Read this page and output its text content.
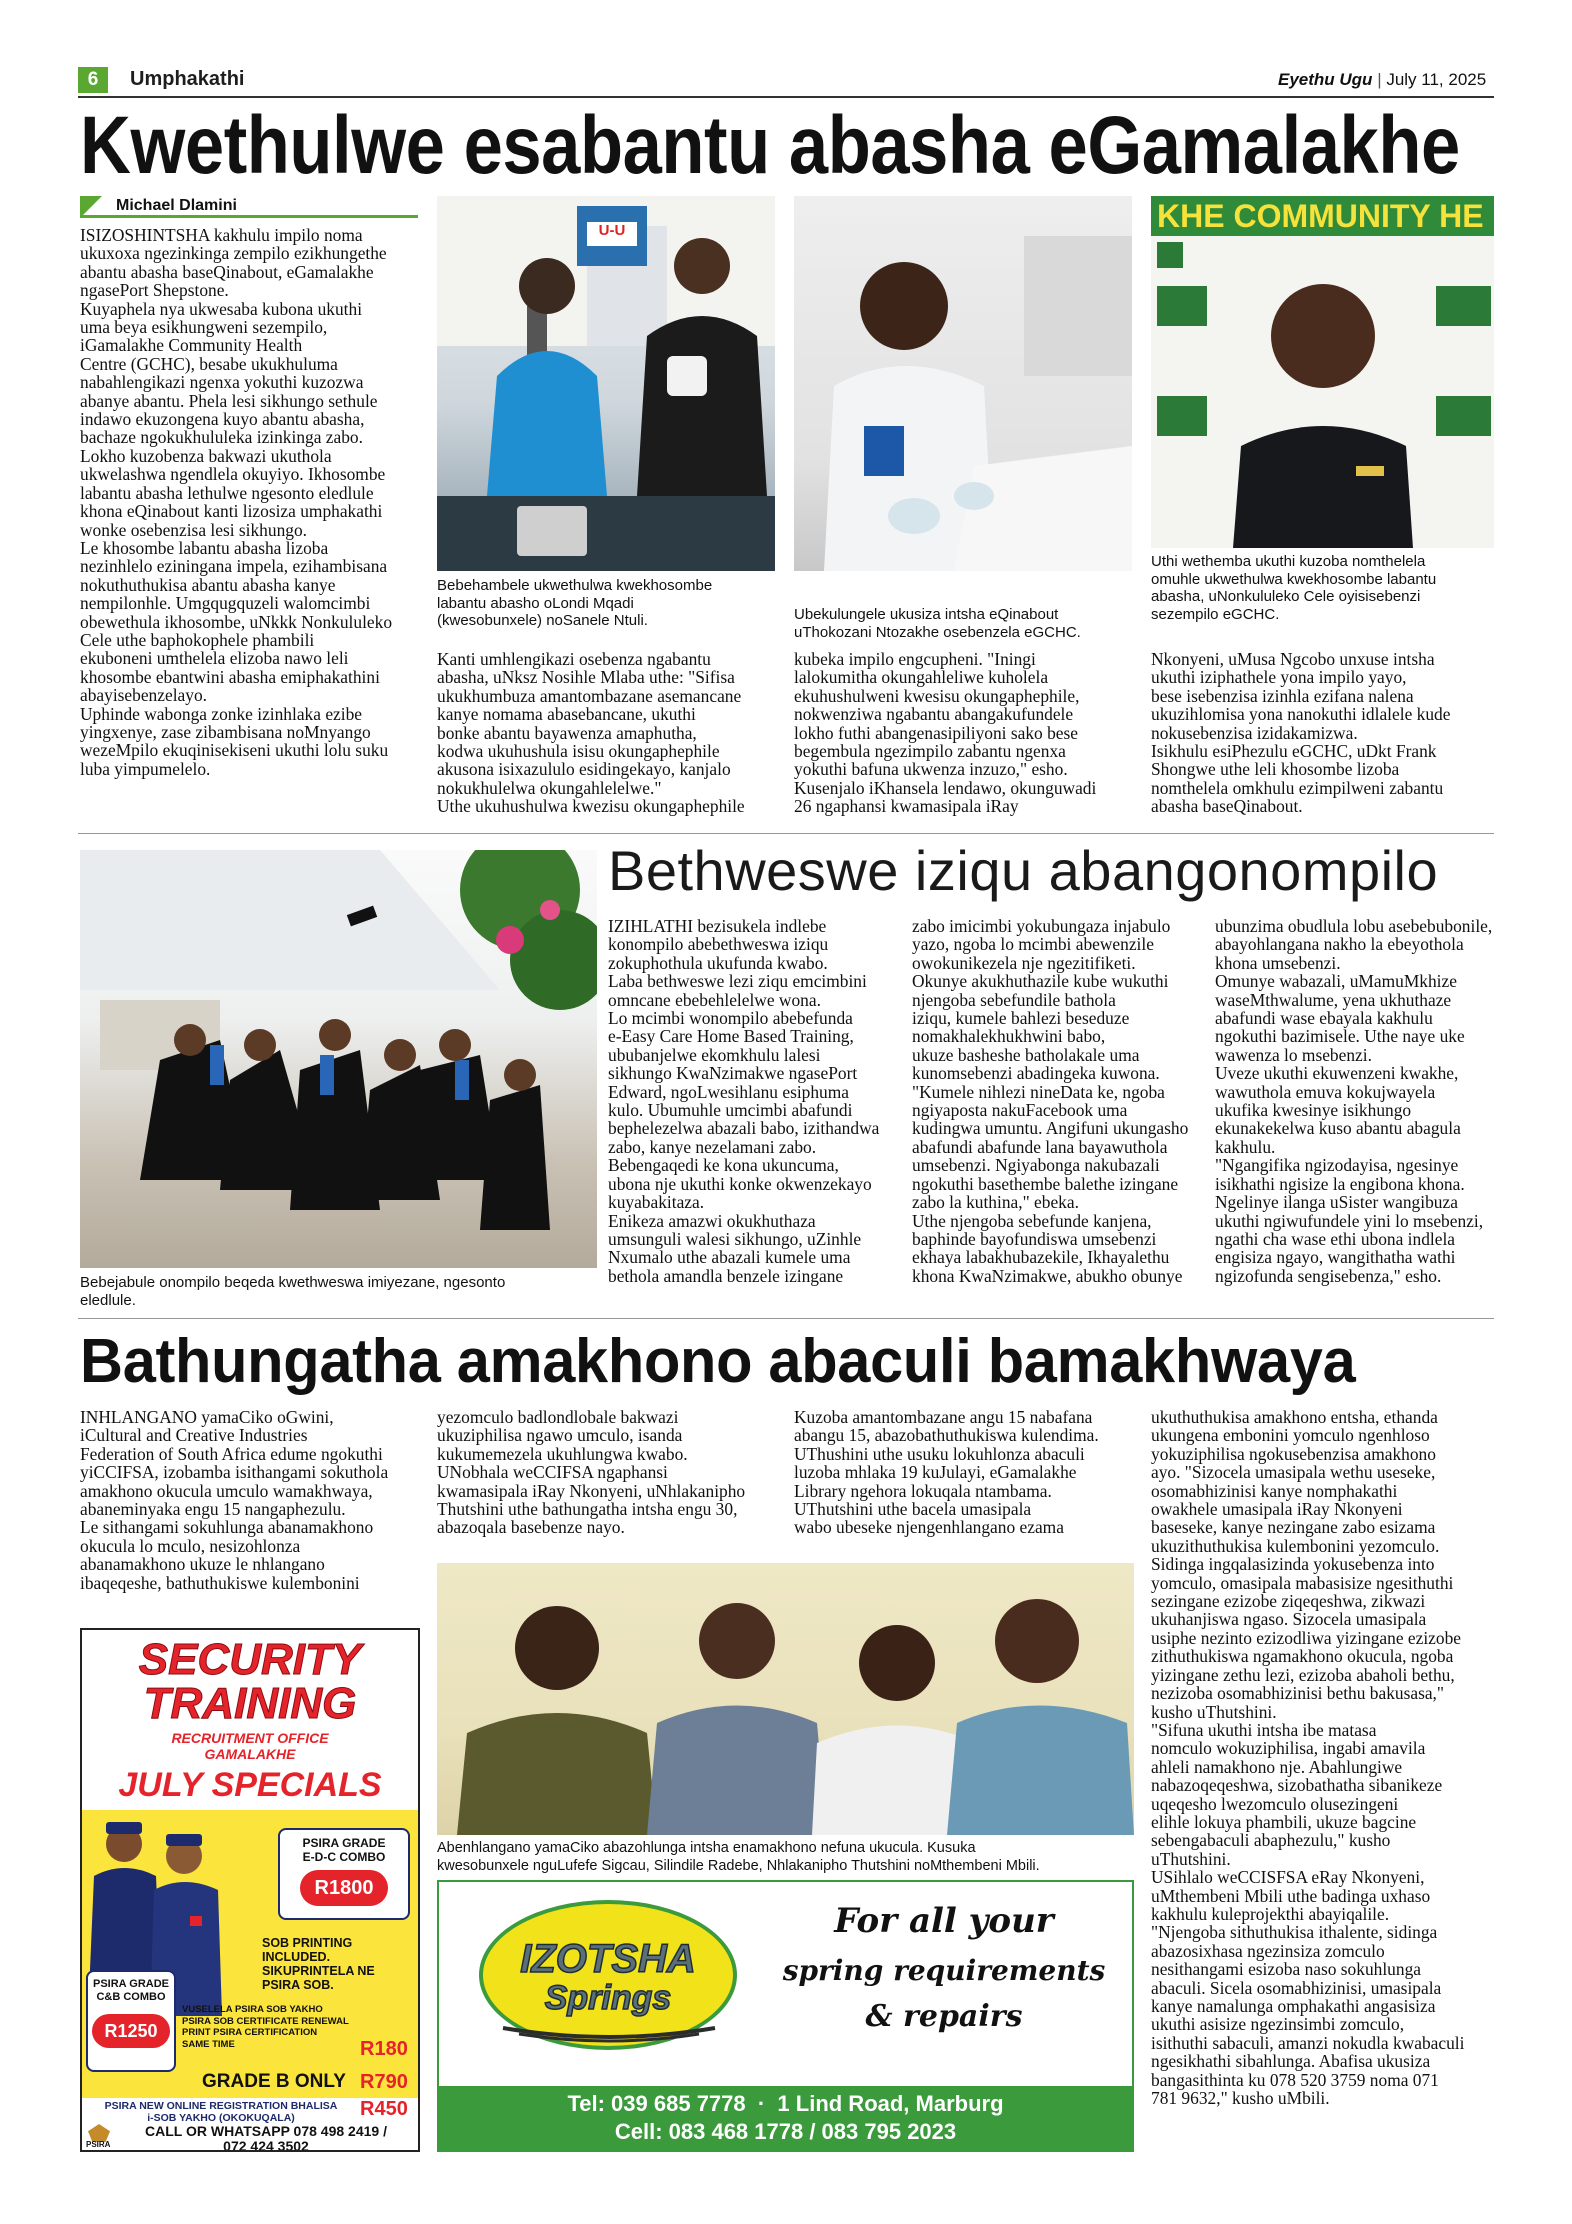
6	Umphakathi	Eyethu Ugu | July 11, 2025
Kwethulwe esabantu abasha eGamalakhe
Michael Dlamini
ISIZOSHINTSHA kakhulu impilo noma
ukuxoxa ngezinkinga zempilo ezikhungethe
abantu abasha baseQinabout, eGamalakhe
ngasePort Shepstone.
Kuyaphela nya ukwesaba kubona ukuthi
uma beya esikhungweni sezempilo,
iGamalakhe Community Health
Centre (GCHC), besabe ukukhuluma
nabahlengikazi ngenxa yokuthi kuzozwa
abanye abantu. Phela lesi sikhungo sethule
indawo ekuzongena kuyo abantu abasha,
bachaze ngokukhululeka izinkinga zabo.
Lokho kuzobenza bakwazi ukuthola
ukwelashwa ngendlela okuyiyo. Ikhosombe
labantu abasha lethulwe ngesonto eledlule
khona eQinabout kanti lizosiza umphakathi
wonke osebenzisa lesi sikhungo.
Le khosombe labantu abasha lizoba
nezinhlelo eziningana impela, ezihambisana
nokuthuthukisa abantu abasha kanye
nempilonhle. Umgqugquzeli walomcimbi
obewethula ikhosombe, uNkkk Nonkululeko
Cele uthe baphokophele phambili
ekuboneni umthelela elizoba nawo leli
khosombe ebantwini abasha emiphakathini
abayisebenzelayo.
Uphinde wabonga zonke izinhlaka ezibe
yingxenye, zase zibambisana noMnyango
wezeMpilo ekuqinisekiseni ukuthi lolu suku
luba yimpumelelo.
U-U
Bebehambele ukwethulwa kwekhosombe
labantu abasho oLondi Mqadi
(kwesobunxele) noSanele Ntuli.	Ubekulungele ukusiza intsha eQinabout
uThokozani Ntozakhe osebenzela eGCHC.
KHE COMMUNITY HE
Uthi wethemba ukuthi kuzoba nomthelela
omuhle ukwethulwa kwekhosombe labantu
abasha, uNonkululeko Cele oyisisebenzi
sezempilo eGCHC.
Kanti umhlengikazi osebenza ngabantu
abasha, uNksz Nosihle Mlaba uthe: "Sifisa
ukukhumbuza amantombazane asemancane
kanye nomama abasebancane, ukuthi
bonke abantu bayawenza amaphutha,
kodwa ukuhushula isisu okungaphephile
akusona isixazululo esidingekayo, kanjalo
nokukhulelwa okungahlelelwe."
Uthe ukuhushulwa kwezisu okungaphephile
kubeka impilo engcupheni. "Iningi
lalokumitha okungahleliwe kuholela
ekuhushulweni kwesisu okungaphephile,
nokwenziwa ngabantu abangakufundele
lokho futhi abangenasipiliyoni sako bese
begembula ngezimpilo zabantu ngenxa
yokuthi bafuna ukwenza inzuzo," esho.
Kusenjalo iKhansela lendawo, okunguwadi
26 ngaphansi kwamasipala iRay
Nkonyeni, uMusa Ngcobo unxuse intsha
ukuthi iziphathele yona impilo yayo,
bese isebenzisa izinhla ezifana nalena
ukuzihlomisa yona nanokuthi idlalele kude
nokusebenzisa izidakamizwa.
Isikhulu esiPhezulu eGCHC, uDkt Frank
Shongwe uthe leli khosombe lizoba
nomthelela omkhulu ezimpilweni zabantu
abasha baseQinabout.
Bebejabule onompilo beqeda kwethweswa imiyezane, ngesonto
eledlule.
Bethweswe iziqu abangonompilo
IZIHLATHI bezisukela indlebe
konompilo abebethweswa iziqu
zokuphothula ukufunda kwabo.
Laba bethweswe lezi ziqu emcimbini
omncane ebebehlelelwe wona.
Lo mcimbi wonompilo abebefunda
e-Easy Care Home Based Training,
ububanjelwe ekomkhulu lalesi
sikhungo KwaNzimakwe ngasePort
Edward, ngoLwesihlanu esiphuma
kulo. Ubumuhle umcimbi abafundi
bephelezelwa abazali babo, izithandwa
zabo, kanye nezelamani zabo.
Bebengaqedi ke kona ukuncuma,
ubona nje ukuthi konke okwenzekayo
kuyabakitaza.
Enikeza amazwi okukhuthaza
umsunguli walesi sikhungo, uZinhle
Nxumalo uthe abazali kumele uma
bethola amandla benzele izingane
zabo imicimbi yokubungaza injabulo
yazo, ngoba lo mcimbi abewenzile
owokunikezela nje ngezitifiketi.
Okunye akukhuthazile kube wukuthi
njengoba sebefundile bathola
iziqu, kumele bahlezi beseduze
nomakhalekhukhwini babo,
ukuze basheshe batholakale uma
kunomsebenzi abadingeka kuwona.
"Kumele nihlezi nineData ke, ngoba
ngiyaposta nakuFacebook uma
kudingwa umuntu. Angifuni ukungasho
abafundi abafunde lana bayawuthola
umsebenzi. Ngiyabonga nakubazali
ngokuthi basethembe balethe izingane
zabo la kuthina," ebeka.
Uthe njengoba sebefunde kanjena,
baphinde bayofundiswa umsebenzi
ekhaya labakhubazekile, Ikhayalethu
khona KwaNzimakwe, abukho obunye
ubunzima obudlula lobu asebebubonile,
abayohlangana nakho la ebeyothola
khona umsebenzi.
Omunye wabazali, uMamuMkhize
waseMthwalume, yena ukhuthaze
abafundi wase ebayala kakhulu
ngokuthi bazimisele. Uthe naye uke
wawenza lo msebenzi.
Uveze ukuthi ekuwenzeni kwakhe,
wawuthola emuva kokujwayela
ukufika kwesinye isikhungo
ekunakekelwa kuso abantu abagula
kakhulu.
"Ngangifika ngizodayisa, ngesinye
isikhathi ngisize la engibona khona.
Ngelinye ilanga uSister wangibuza
ukuthi ngiwufundele yini lo msebenzi,
ngathi cha wase ethi ubona indlela
engisiza ngayo, wangithatha wathi
ngizofunda sengisebenza," esho.
Bathungatha amakhono abaculi bamakhwaya
INHLANGANO yamaCiko oGwini,
iCultural and Creative Industries
Federation of South Africa edume ngokuthi
yiCCIFSA, izobamba isithangami sokuthola
amakhono okucula umculo wamakhwaya,
abaneminyaka engu 15 nangaphezulu.
Le sithangami sokuhlunga abanamakhono
okucula lo mculo, nesizohlonza
abanamakhono ukuze le nhlangano
ibaqeqeshe, bathuthukiswe kulembonini
yezomculo badlondlobale bakwazi
ukuziphilisa ngawo umculo, isanda
kukumemezela ukuhlungwa kwabo.
UNobhala weCCIFSA ngaphansi
kwamasipala iRay Nkonyeni, uNhlakanipho
Thutshini uthe bathungatha intsha engu 30,
abazoqala basebenze nayo.
Kuzoba amantombazane angu 15 nabafana
abangu 15, abazobathuthukiswa kulendima.
UThushini uthe usuku lokuhlonza abaculi
luzoba mhlaka 19 kuJulayi, eGamalakhe
Library ngehora lokuqala ntambama.
UThutshini uthe bacela umasipala
wabo ubeseke njengenhlangano ezama
ukuthuthukisa amakhono entsha, ethanda
ukungena embonini yomculo ngenhloso
yokuziphilisa ngokusebenzisa amakhono
ayo. "Sizocela umasipala wethu useseke,
osomabhizinisi kanye nomphakathi
owakhele umasipala iRay Nkonyeni
baseseke, kanye nezingane zabo esizama
ukuzithuthukisa kulembonini yezomculo.
Sidinga ingqalasizinda yokusebenza into
yomculo, omasipala mabasisize ngesithuthi
sezingane ezizobe ziqeqeshwa, zikwazi
ukuhanjiswa ngaso. Sizocela umasipala
usiphe nezinto ezizodliwa yizingane ezizobe
zithuthukiswa ngamakhono okucula, ngoba
yizingane zethu lezi, ezizoba abaholi bethu,
nezizoba osomabhizinisi bethu bakusasa,"
kusho uThutshini.
"Sifuna ukuthi intsha ibe matasa
nomculo wokuziphilisa, ingabi amavila
ahleli namakhono nje. Abahlungiwe
nabazoqeqeshwa, sizobathatha sibanikeze
uqeqesho lwezomculo olusezingeni
elihle lokuya phambili, ukuze bagcine
sebengabaculi abaphezulu," kusho
uThutshini.
USihlalo weCCISFSA eRay Nkonyeni,
uMthembeni Mbili uthe badinga uxhaso
kakhulu kuleprojekthi abayiqalile.
"Njengoba sithuthukisa ithalente, sidinga
abazosixhasa ngezinsiza zomculo
nesithangami esizoba naso sokuhlunga
abaculi. Sicela osomabhizinisi, umasipala
kanye namalunga omphakathi angasisiza
ukuthi asisize ngezinsimbi zomculo,
isithuthi sabaculi, amanzi nokudla kwabaculi
ngesikhathi sibahlunga. Abafisa ukusiza
bangasithinta ku 078 520 3759 noma 071
781 9632," kusho uMbili.
Abenhlangano yamaCiko abazohlunga intsha enamakhono nefuna ukucula. Kusuka
kwesobunxele nguLufefe Sigcau, Silindile Radebe, Nhlakanipho Thutshini noMthembeni Mbili.
SECURITY
TRAINING
RECRUITMENT OFFICE
GAMALAKHE
JULY SPECIALS
PSIRA GRADE
E-D-C COMBO
R1800
SOB PRINTING
INCLUDED.
SIKUPRINTELA NE
PSIRA SOB.
PSIRA GRADE
C&B COMBO
R1250
VUSELELA PSIRA SOB YAKHO
PSIRA SOB CERTIFICATE RENEWAL
PRINT PSIRA CERTIFICATION
SAME TIME	R180
GRADE B ONLY R790
PSIRA NEW ONLINE REGISTRATION BHALISA
i-SOB YAKHO (OKOKUQALA)	R450
PSIRA
CALL OR WHATSAPP 078 498 2419 /
072 424 3502
IZOTSHA
Springs
For all your
spring requirements
& repairs
Tel: 039 685 7778  ·  1 Lind Road, Marburg
Cell: 083 468 1778 / 083 795 2023
